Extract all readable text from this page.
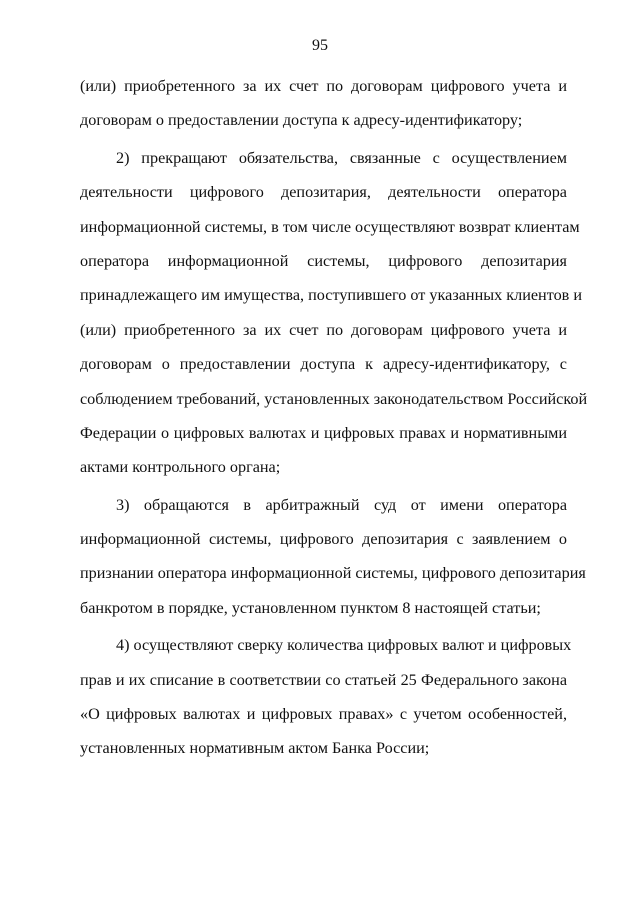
95
(или) приобретенного за их счет по договорам цифрового учета и
договорам о предоставлении доступа к адресу-идентификатору;
2) прекращают обязательства, связанные с осуществлением
деятельности цифрового депозитария, деятельности оператора
информационной системы, в том числе осуществляют возврат клиентам
оператора информационной системы, цифрового депозитария
принадлежащего им имущества, поступившего от указанных клиентов и
(или) приобретенного за их счет по договорам цифрового учета и
договорам о предоставлении доступа к адресу-идентификатору, с
соблюдением требований, установленных законодательством Российской
Федерации о цифровых валютах и цифровых правах и нормативными
актами контрольного органа;
3) обращаются в арбитражный суд от имени оператора
информационной системы, цифрового депозитария с заявлением о
признании оператора информационной системы, цифрового депозитария
банкротом в порядке, установленном пунктом 8 настоящей статьи;
4) осуществляют сверку количества цифровых валют и цифровых
прав и их списание в соответствии со статьей 25 Федерального закона
«О цифровых валютах и цифровых правах» с учетом особенностей,
установленных нормативным актом Банка России;
